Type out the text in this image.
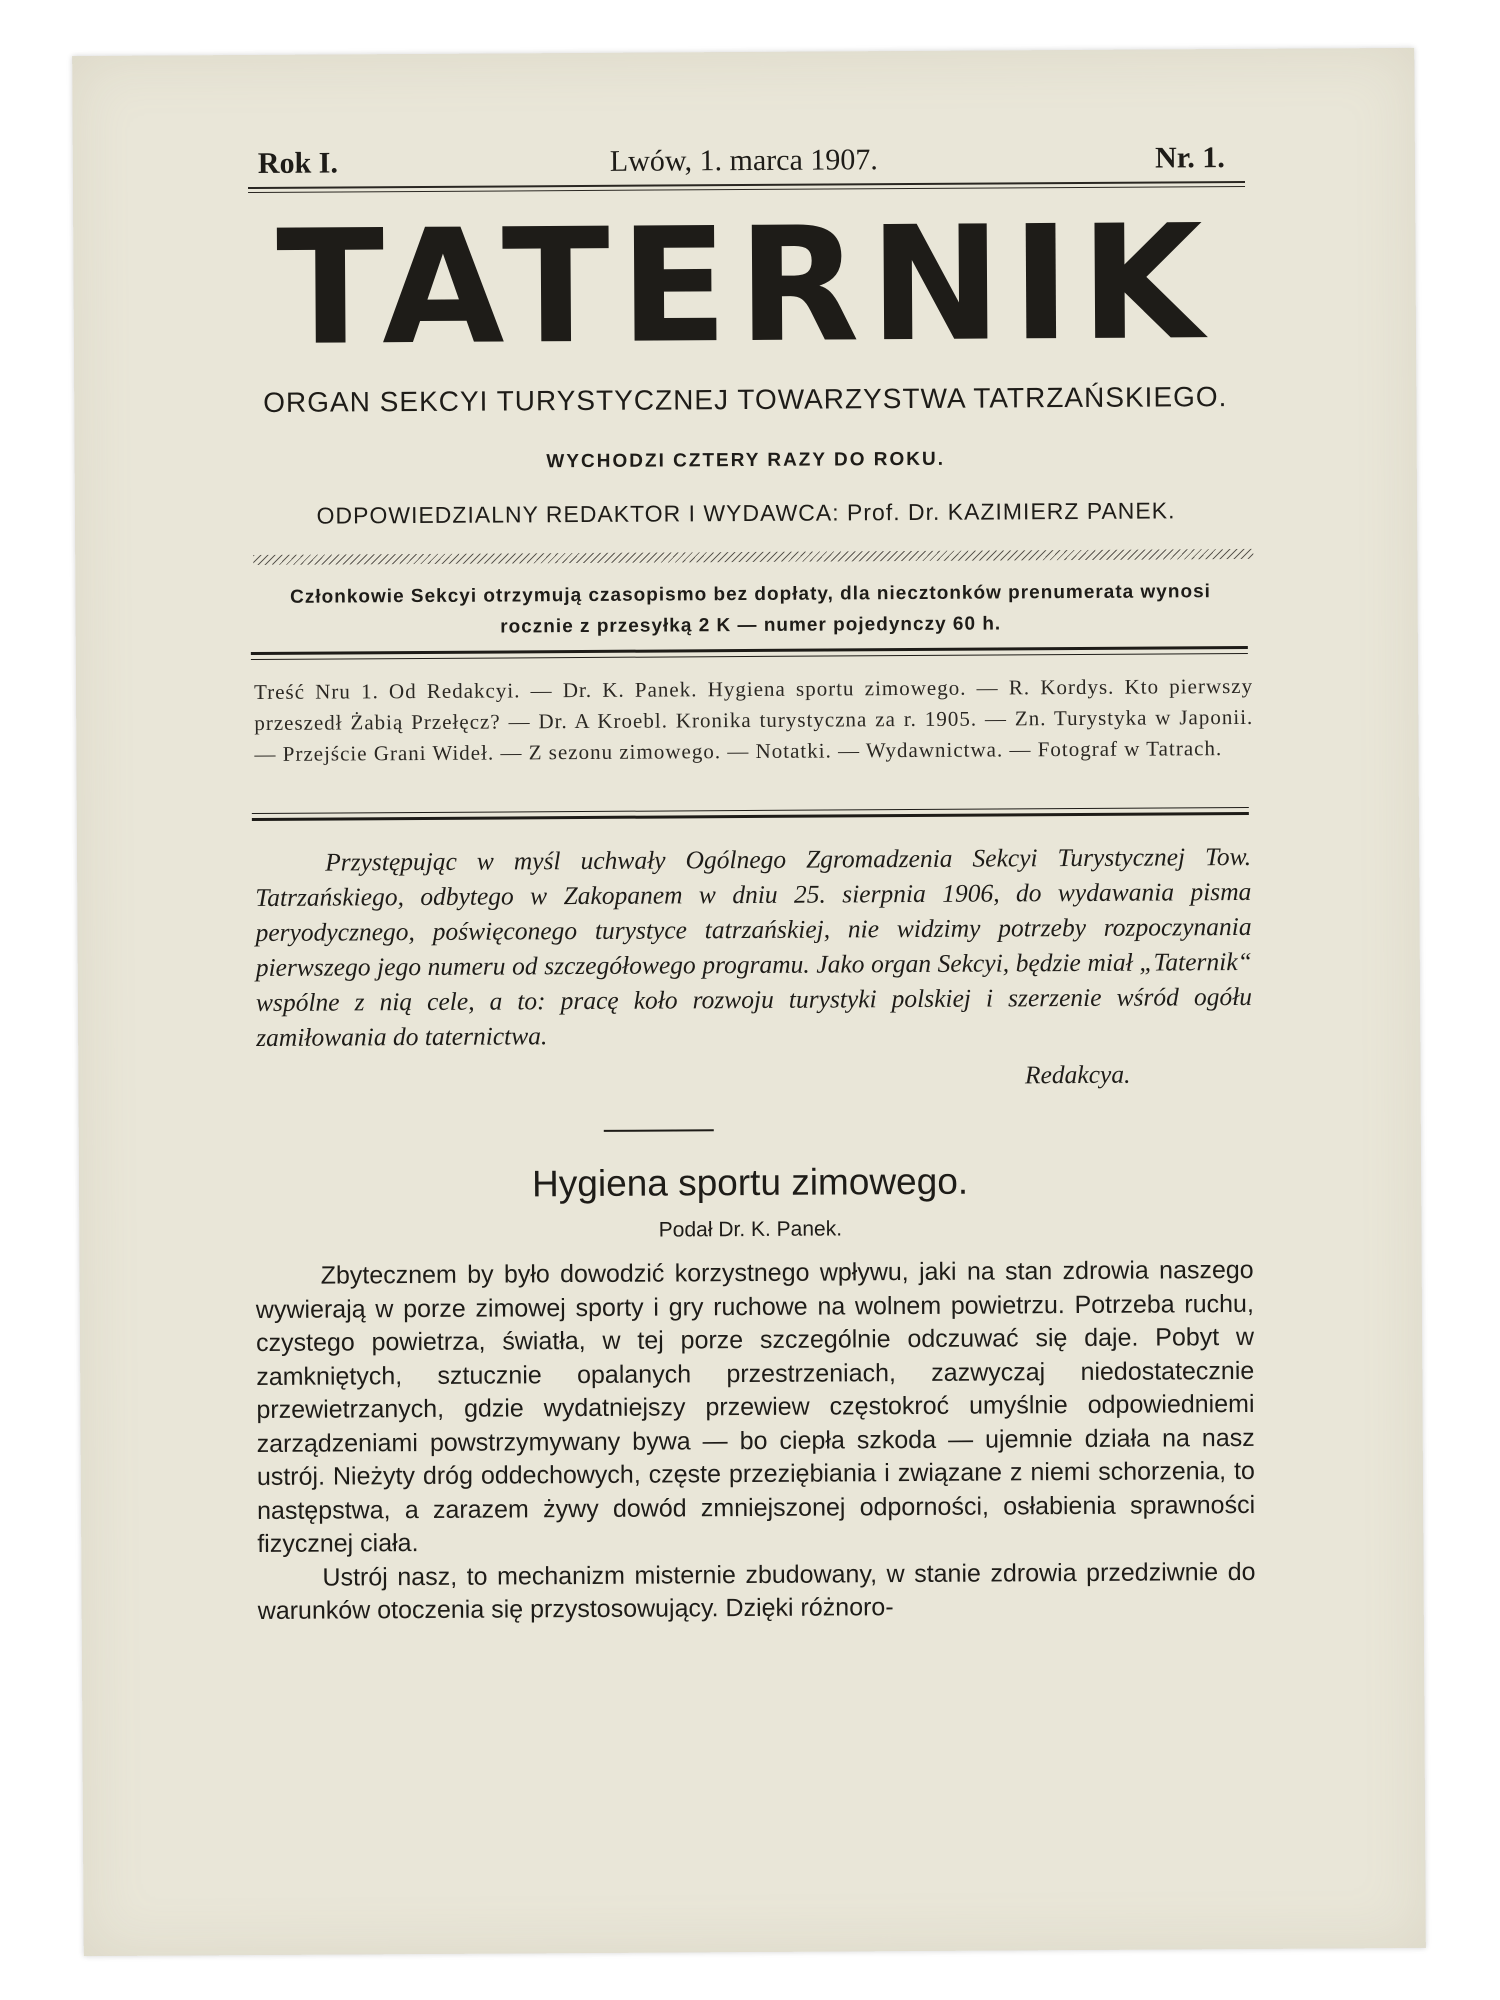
Rok I.	Lwów, 1. marca 1907.	Nr. 1.
TATERNIK
ORGAN SEKCYI TURYSTYCZNEJ TOWARZYSTWA TATRZAŃSKIEGO.
WYCHODZI CZTERY RAZY DO ROKU.
ODPOWIEDZIALNY REDAKTOR I WYDAWCA: Prof. Dr. KAZIMIERZ PANEK.
Członkowie Sekcyi otrzymują czasopismo bez dopłaty, dla niecztonków prenumerata wynosi rocznie z przesyłką 2 K — numer pojedynczy 60 h.
Treść Nru 1. Od Redakcyi. — Dr. K. Panek. Hygiena sportu zimowego. — R. Kordys. Kto pierwszy przeszedł Żabią Przełęcz? — Dr. A Kroebl. Kronika turystyczna za r. 1905. — Zn. Turystyka w Japonii. — Przejście Grani Wideł. — Z sezonu zimowego. — Notatki. — Wydawnictwa. — Fotograf w Tatrach.
Przystępując w myśl uchwały Ogólnego Zgromadzenia Sekcyi Turystycznej Tow. Tatrzańskiego, odbytego w Zakopanem w dniu 25. sierpnia 1906, do wydawania pisma peryodycznego, poświęconego turystyce tatrzańskiej, nie widzimy potrzeby rozpoczynania pierwszego jego numeru od szczegółowego programu. Jako organ Sekcyi, będzie miał „Taternik“ wspólne z nią cele, a to: pracę koło rozwoju turystyki polskiej i szerzenie wśród ogółu zamiłowania do taternictwa.
Redakcya.
Hygiena sportu zimowego.
Podał Dr. K. Panek.

Zbytecznem by było dowodzić korzystnego wpływu, jaki na stan zdrowia naszego wywierają w porze zimowej sporty i gry ruchowe na wolnem powietrzu. Potrzeba ruchu, czystego powietrza, światła, w tej porze szczególnie odczuwać się daje. Pobyt w zamkniętych, sztucznie opalanych przestrzeniach, zazwyczaj niedostatecznie przewietrzanych, gdzie wydatniejszy przewiew częstokroć umyślnie odpowiedniemi zarządzeniami powstrzymywany bywa — bo ciepła szkoda — ujemnie działa na nasz ustrój. Nieżyty dróg oddechowych, częste przeziębiania i związane z niemi schorzenia, to następstwa, a zarazem żywy dowód zmniejszonej odporności, osłabienia sprawności fizycznej ciała.

Ustrój nasz, to mechanizm misternie zbudowany, w stanie zdrowia przedziwnie do warunków otoczenia się przystosowujący. Dzięki różnoro-
